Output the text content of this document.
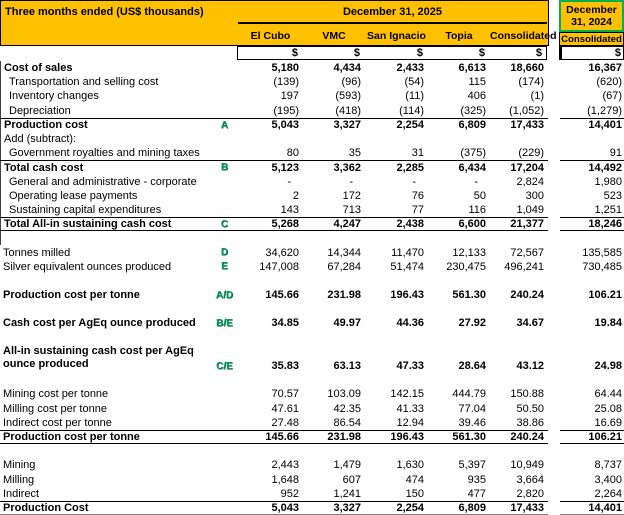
Three months ended (US$ thousands)	December 31, 2025
El Cubo	VMC	San Ignacio	Topia	Consolidated
December 31, 2024
Consolidated
$	$	$	$	$	$
Cost of sales	5,180	4,434	2,433	6,613	18,660	16,367
Transportation and selling cost	(139)	(96)	(54)	115	(174)	(620)
Inventory changes	197	(593)	(11)	406	(1)	(67)
Depreciation	(195)	(418)	(114)	(325)	(1,052)	(1,279)
Production cost	A	5,043	3,327	2,254	6,809	17,433	14,401
Add (subtract):
Government royalties and mining taxes	80	35	31	(375)	(229)	91
Total cash cost	B	5,123	3,362	2,285	6,434	17,204	14,492
General and administrative - corporate	-	-	-	-	2,824	1,980
Operating lease payments	2	172	76	50	300	523
Sustaining capital expenditures	143	713	77	116	1,049	1,251
Total All-in sustaining cash cost	C	5,268	4,247	2,438	6,600	21,377	18,246
Tonnes milled	D	34,620	14,344	11,470	12,133	72,567	135,585
Silver equivalent ounces produced	E	147,008	67,284	51,474	230,475	496,241	730,485
Production cost per tonne	A/D	145.66	231.98	196.43	561.30	240.24	106.21
Cash cost per AgEq ounce produced	B/E	34.85	49.97	44.36	27.92	34.67	19.84
All-in sustaining cash cost per AgEq ounce produced	C/E	35.83	63.13	47.33	28.64	43.12	24.98
Mining cost per tonne	70.57	103.09	142.15	444.79	150.88	64.44
Milling cost per tonne	47.61	42.35	41.33	77.04	50.50	25.08
Indirect cost per tonne	27.48	86.54	12.94	39.46	38.86	16.69
Production cost per tonne	145.66	231.98	196.43	561.30	240.24	106.21
Mining	2,443	1,479	1,630	5,397	10,949	8,737
Milling	1,648	607	474	935	3,664	3,400
Indirect	952	1,241	150	477	2,820	2,264
Production Cost	5,043	3,327	2,254	6,809	17,433	14,401
